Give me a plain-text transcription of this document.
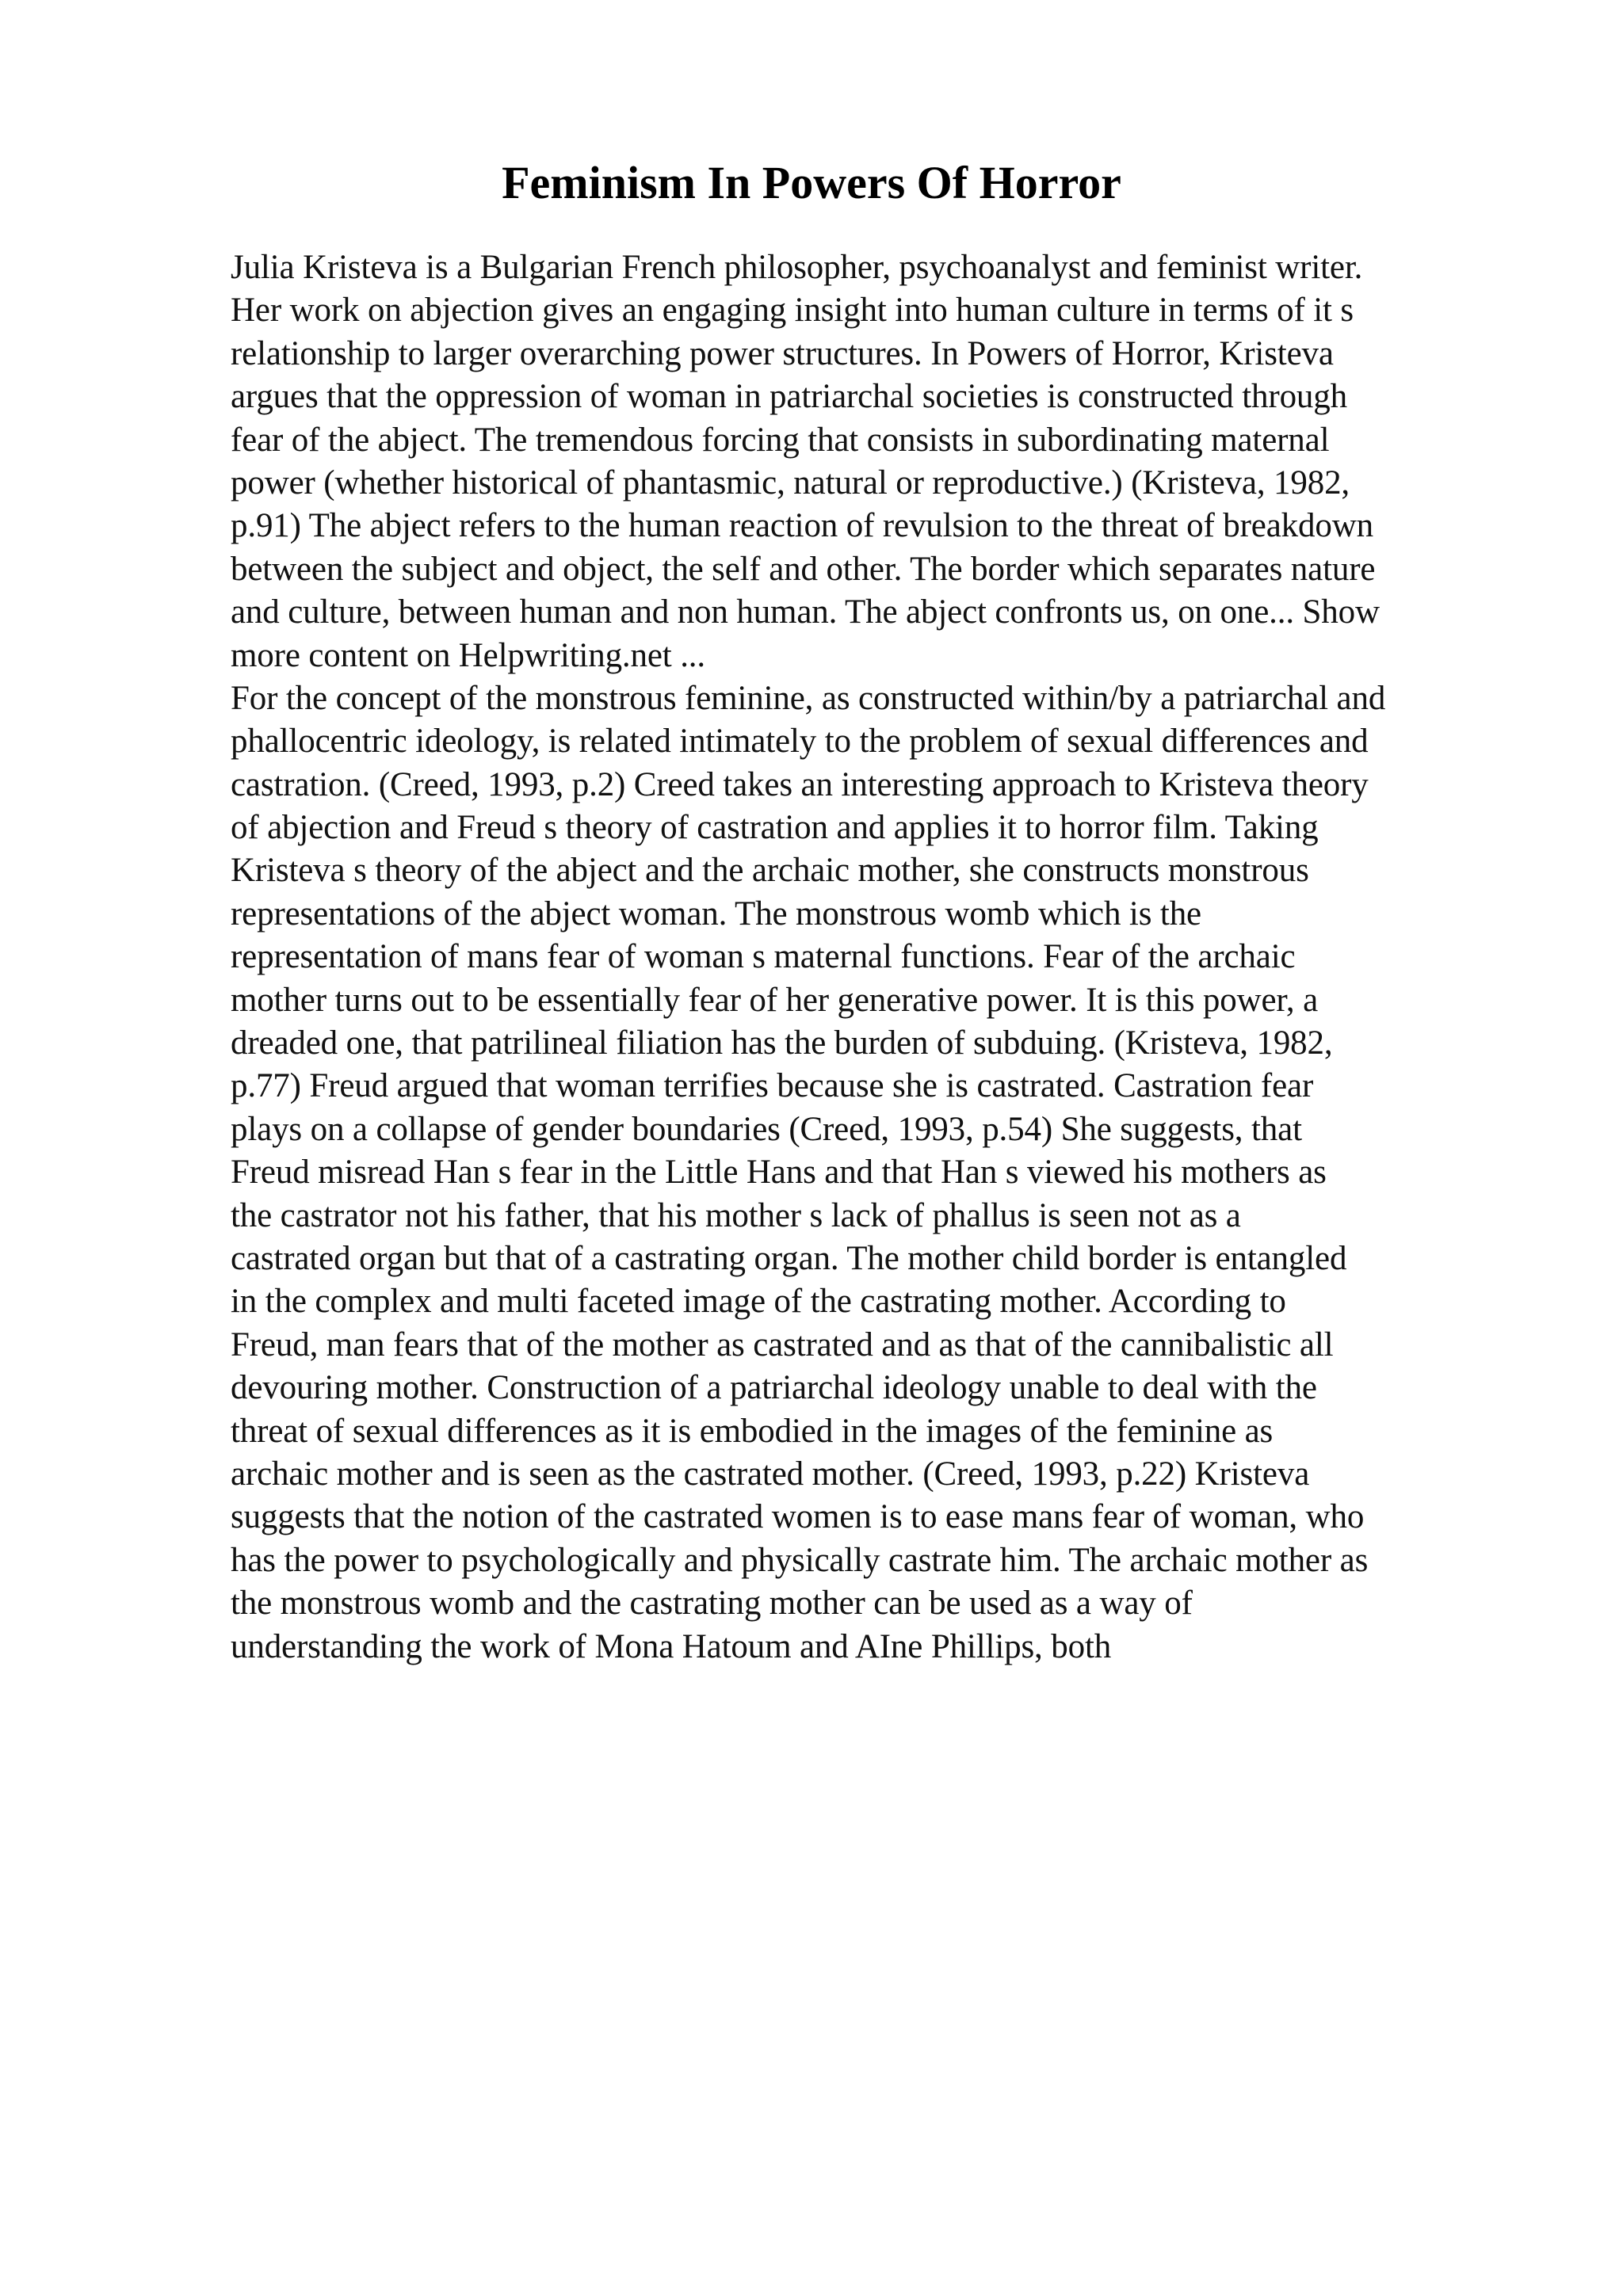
Feminism In Powers Of Horror
Julia Kristeva is a Bulgarian French philosopher, psychoanalyst and feminist writer.
Her work on abjection gives an engaging insight into human culture in terms of it s
relationship to larger overarching power structures. In Powers of Horror, Kristeva
argues that the oppression of woman in patriarchal societies is constructed through
fear of the abject. The tremendous forcing that consists in subordinating maternal
power (whether historical of phantasmic, natural or reproductive.) (Kristeva, 1982,
p.91) The abject refers to the human reaction of revulsion to the threat of breakdown
between the subject and object, the self and other. The border which separates nature
and culture, between human and non human. The abject confronts us, on one... Show
more content on Helpwriting.net ...
For the concept of the monstrous feminine, as constructed within/by a patriarchal and
phallocentric ideology, is related intimately to the problem of sexual differences and
castration. (Creed, 1993, p.2) Creed takes an interesting approach to Kristeva theory
of abjection and Freud s theory of castration and applies it to horror film. Taking
Kristeva s theory of the abject and the archaic mother, she constructs monstrous
representations of the abject woman. The monstrous womb which is the
representation of mans fear of woman s maternal functions. Fear of the archaic
mother turns out to be essentially fear of her generative power. It is this power, a
dreaded one, that patrilineal filiation has the burden of subduing. (Kristeva, 1982,
p.77) Freud argued that woman terrifies because she is castrated. Castration fear
plays on a collapse of gender boundaries (Creed, 1993, p.54) She suggests, that
Freud misread Han s fear in the Little Hans and that Han s viewed his mothers as
the castrator not his father, that his mother s lack of phallus is seen not as a
castrated organ but that of a castrating organ. The mother child border is entangled
in the complex and multi faceted image of the castrating mother. According to
Freud, man fears that of the mother as castrated and as that of the cannibalistic all
devouring mother. Construction of a patriarchal ideology unable to deal with the
threat of sexual differences as it is embodied in the images of the feminine as
archaic mother and is seen as the castrated mother. (Creed, 1993, p.22) Kristeva
suggests that the notion of the castrated women is to ease mans fear of woman, who
has the power to psychologically and physically castrate him. The archaic mother as
the monstrous womb and the castrating mother can be used as a way of
understanding the work of Mona Hatoum and AIne Phillips, both
